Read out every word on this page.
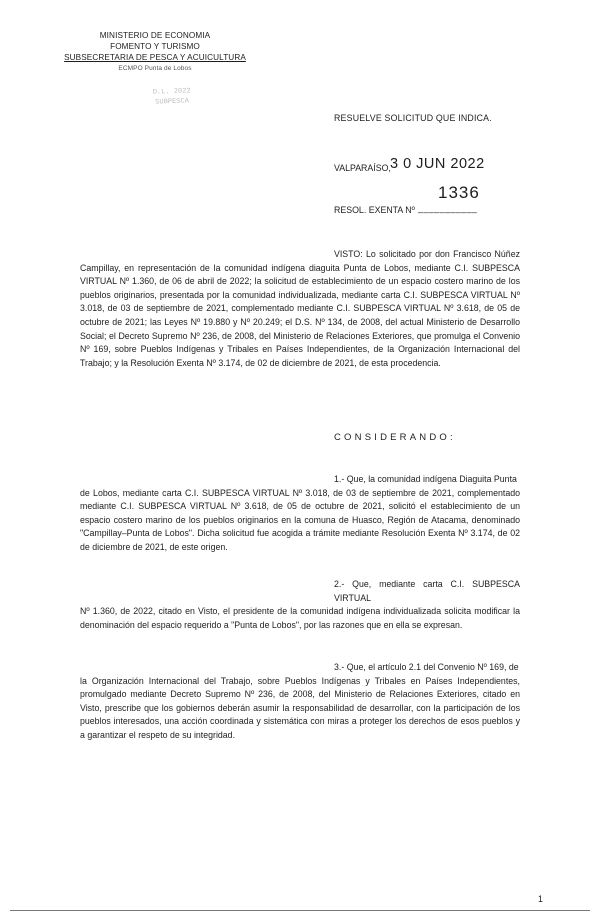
MINISTERIO DE ECONOMIA
FOMENTO Y TURISMO
SUBSECRETARIA DE PESCA Y ACUICULTURA
ECMPO Punta de Lobos
D.L. 2022
SUBPESCA
RESUELVE SOLICITUD QUE INDICA.
VALPARAÍSO, 3 0 JUN 2022
RESOL. EXENTA Nº ___________
1336
VISTO: Lo solicitado por don Francisco Núñez Campillay, en representación de la comunidad indígena diaguita Punta de Lobos, mediante C.I. SUBPESCA VIRTUAL Nº 1.360, de 06 de abril de 2022; la solicitud de establecimiento de un espacio costero marino de los pueblos originarios, presentada por la comunidad individualizada, mediante carta C.I. SUBPESCA VIRTUAL Nº 3.018, de 03 de septiembre de 2021, complementado mediante C.I. SUBPESCA VIRTUAL Nº 3.618, de 05 de octubre de 2021; las Leyes Nº 19.880 y Nº 20.249; el D.S. Nº 134, de 2008, del actual Ministerio de Desarrollo Social; el Decreto Supremo Nº 236, de 2008, del Ministerio de Relaciones Exteriores, que promulga el Convenio Nº 169, sobre Pueblos Indígenas y Tribales en Países Independientes, de la Organización Internacional del Trabajo; y la Resolución Exenta Nº 3.174, de 02 de diciembre de 2021, de esta procedencia.
CONSIDERANDO:
1.- Que, la comunidad indígena Diaguita Punta
de Lobos, mediante carta C.I. SUBPESCA VIRTUAL Nº 3.018, de 03 de septiembre de 2021, complementado mediante C.I. SUBPESCA VIRTUAL Nº 3.618, de 05 de octubre de 2021, solicitó el establecimiento de un espacio costero marino de los pueblos originarios en la comuna de Huasco, Región de Atacama, denominado "Campillay–Punta de Lobos". Dicha solicitud fue acogida a trámite mediante Resolución Exenta Nº 3.174, de 02 de diciembre de 2021, de este origen.
2.- Que, mediante carta C.I. SUBPESCA VIRTUAL
Nº 1.360, de 2022, citado en Visto, el presidente de la comunidad indígena individualizada solicita modificar la denominación del espacio requerido a "Punta de Lobos", por las razones que en ella se expresan.
3.- Que, el artículo 2.1 del Convenio Nº 169, de
la Organización Internacional del Trabajo, sobre Pueblos Indígenas y Tribales en Países Independientes, promulgado mediante Decreto Supremo Nº 236, de 2008, del Ministerio de Relaciones Exteriores, citado en Visto, prescribe que los gobiernos deberán asumir la responsabilidad de desarrollar, con la participación de los pueblos interesados, una acción coordinada y sistemática con miras a proteger los derechos de esos pueblos y a garantizar el respeto de su integridad.
1
